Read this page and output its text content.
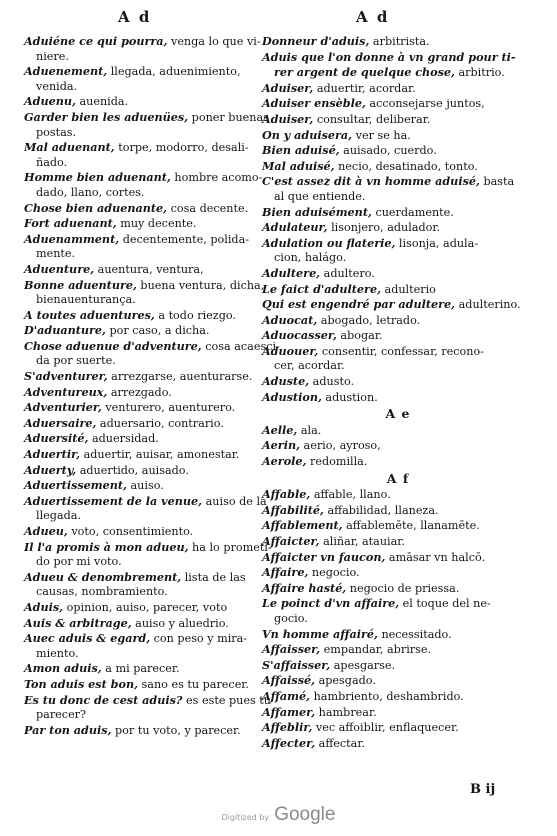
A d	A d
Aduiéne ce qui pourra, venga lo que vi-
niere.
Aduenement, llegada, aduenimiento,
venida.
Aduenu, auenida.
Garder bien les aduenües, poner buenas
postas.
Mal aduenant, torpe, modorro, desali-
ñado.
Homme bien aduenant, hombre acomo-
dado, llano, cortes.
Chose bien aduenante, cosa decente.
Fort aduenant, muy decente.
Aduenamment, decentemente, polida-
mente.
Aduenture, auentura, ventura,
Bonne aduenture, buena ventura, dicha,
bienauenturança.
A toutes aduentures, a todo riezgo.
D'aduanture, por caso, a dicha.
Chose aduenue d'adventure, cosa acaesci-
da por suerte.
S'adventurer, arrezgarse, auenturarse.
Adventureux, arrezgado.
Adventurier, venturero, auenturero.
Aduersaire, aduersario, contrario.
Aduersité, aduersidad.
Aduertir, aduertir, auisar, amonestar.
Aduerty, aduertido, auisado.
Aduertissement, auiso.
Aduertissement de la venue, auiso de la
llegada.
Adueu, voto, consentimiento.
Il l'a promis à mon adueu, ha lo prometi-
do por mi voto.
Adueu & denombrement, lista de las
causas, nombramiento.
Aduis, opinion, auiso, parecer, voto
Auis & arbitrage, auiso y aluedrio.
Auec aduis & egard, con peso y mira-
miento.
Amon aduis, a mi parecer.
Ton aduis est bon, sano es tu parecer.
Es tu donc de cest aduis? es este pues tu
parecer?
Par ton aduis, por tu voto, y parecer.
Donneur d'aduis, arbitrista.
Aduis que l'on donne à vn grand pour ti-
rer argent de quelque chose, arbitrio.
Aduiser, aduertir, acordar.
Aduiser ensèble, acconsejarse juntos,
Aduiser, consultar, deliberar.
On y aduisera, ver se ha.
Bien aduisé, auisado, cuerdo.
Mal aduisé, necio, desatinado, tonto.
C'est assez dit à vn homme aduisé, basta
al que entiende.
Bien aduisément, cuerdamente.
Adulateur, lisonjero, adulador.
Adulation ou flaterie, lisonja, adula-
cion, halágo.
Adultere, adultero.
Le faict d'adultere, adulterio
Qui est engendré par adultere, adulterino.
Aduocat, abogado, letrado.
Aduocasser, abogar.
Aduouer, consentir, confessar, recono-
cer, acordar.
Aduste, adusto.
Adustion, adustion.
A e
Aelle, ala.
Aerin, aerio, ayroso,
Aerole, redomilla.
A f
Affable, affable, llano.
Affabilité, affabilidad, llaneza.
Affablement, affablemēte, llanamēte.
Affaicter, aliñar, atauiar.
Affaicter vn faucon, amāsar vn halcō.
Affaire, negocio.
Affaire hasté, negocio de priessa.
Le poinct d'vn affaire, el toque del ne-
gocio.
Vn homme affairé, necessitado.
Affaisser, empandar, abrirse.
S'affaisser, apesgarse.
Affaissé, apesgado.
Affamé, hambriento, deshambrido.
Affamer, hambrear.
Affeblir, vec affoiblir, enflaquecer.
Affecter, affectar.
B ij
Digitized by Google
